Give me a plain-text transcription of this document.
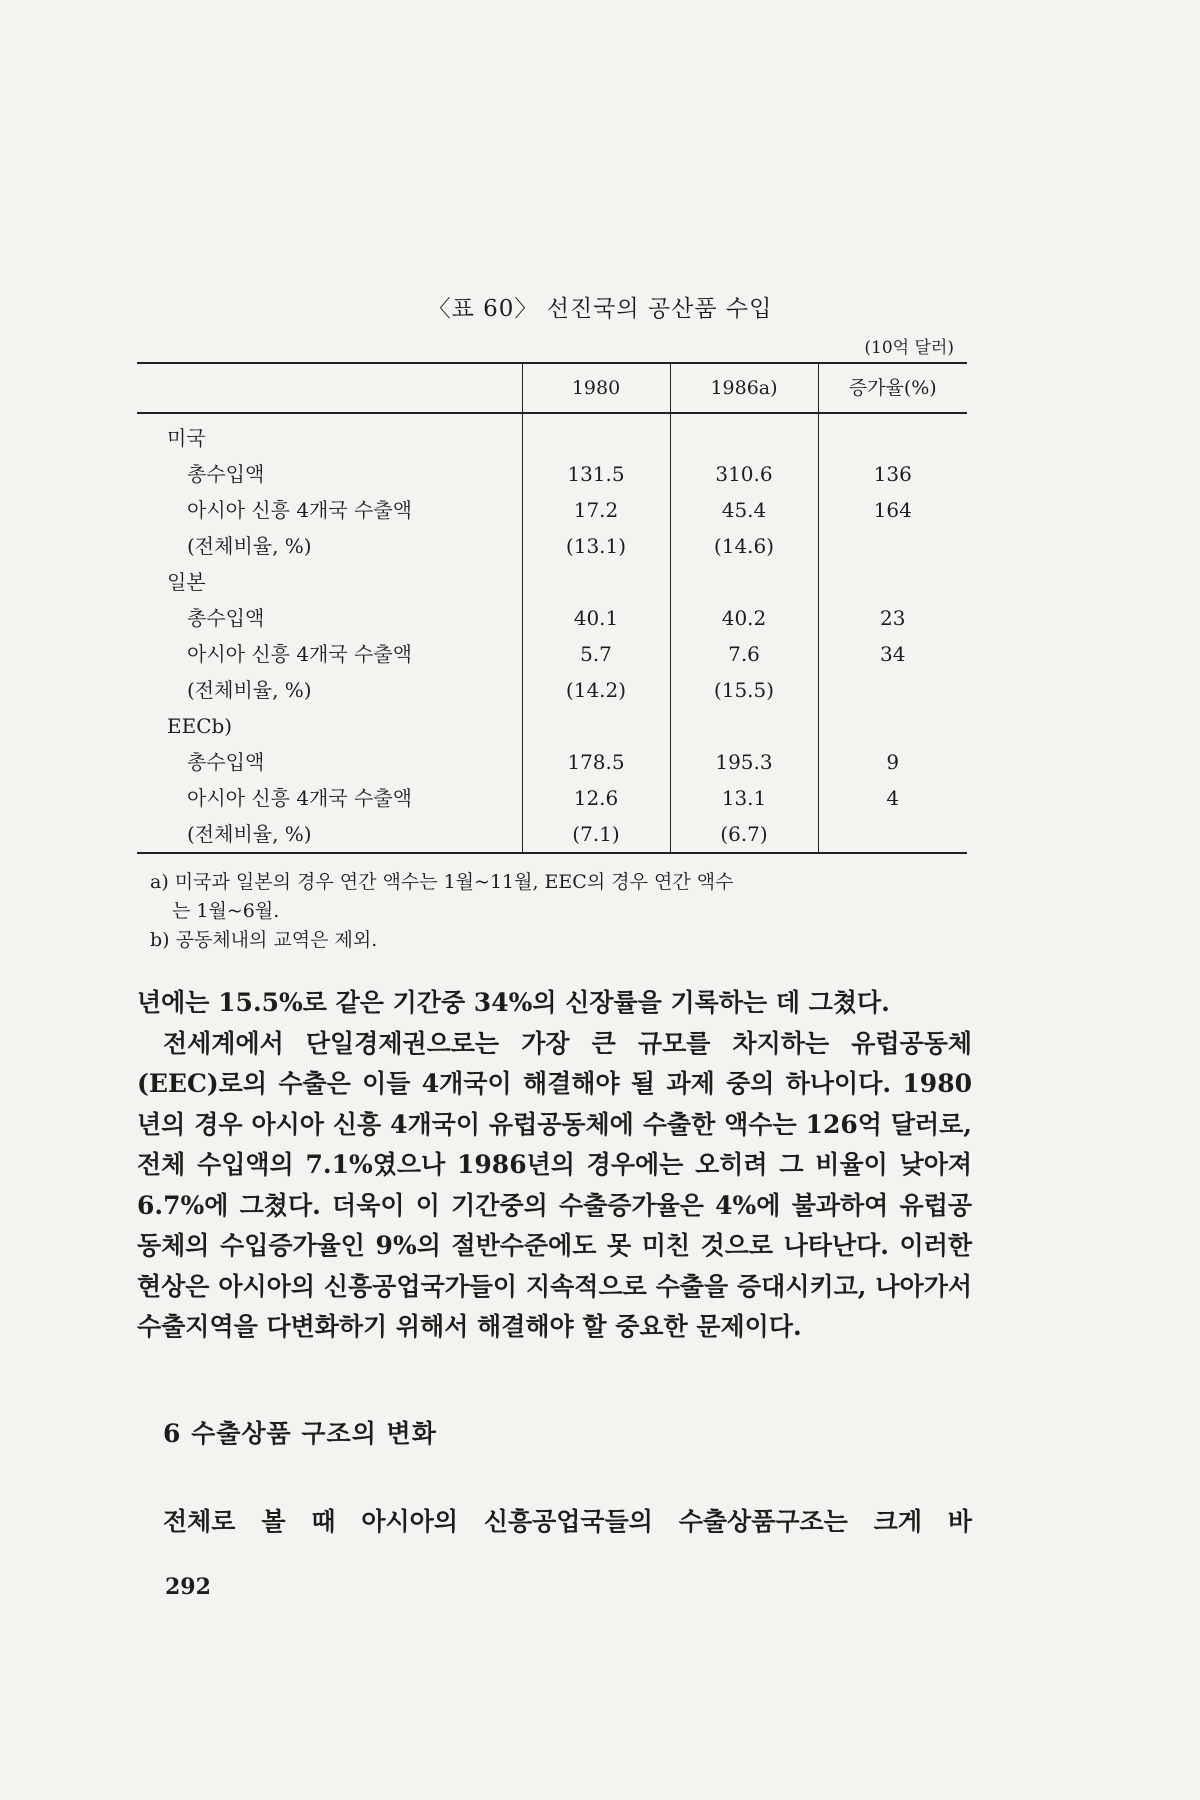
〈표 60〉 선진국의 공산품 수입
(10억 달러)
	1980	1986a)	증가율(%)
미국			
총수입액	131.5	310.6	136
아시아 신흥 4개국 수출액	17.2	45.4	164
(전체비율, %)	(13.1)	(14.6)	
일본			
총수입액	40.1	40.2	23
아시아 신흥 4개국 수출액	5.7	7.6	34
(전체비율, %)	(14.2)	(15.5)	
EECb)			
총수입액	178.5	195.3	9
아시아 신흥 4개국 수출액	12.6	13.1	4
(전체비율, %)	(7.1)	(6.7)	

a) 미국과 일본의 경우 연간 액수는 1월~11월, EEC의 경우 연간 액수

는 1월~6월.

b) 공동체내의 교역은 제외.

년에는 15.5%로 같은 기간중 34%의 신장률을 기록하는 데 그쳤다.

전세계에서 단일경제권으로는 가장 큰 규모를 차지하는 유럽공동체(EEC)로의 수출은 이들 4개국이 해결해야 될 과제 중의 하나이다. 1980년의 경우 아시아 신흥 4개국이 유럽공동체에 수출한 액수는 126억 달러로, 전체 수입액의 7.1%였으나 1986년의 경우에는 오히려 그 비율이 낮아져 6.7%에 그쳤다. 더욱이 이 기간중의 수출증가율은 4%에 불과하여 유럽공동체의 수입증가율인 9%의 절반수준에도 못 미친 것으로 나타난다. 이러한 현상은 아시아의 신흥공업국가들이 지속적으로 수출을 증대시키고, 나아가서 수출지역을 다변화하기 위해서 해결해야 할 중요한 문제이다.

6 수출상품 구조의 변화
전체로 볼 때 아시아의 신흥공업국들의 수출상품구조는 크게 바
292
